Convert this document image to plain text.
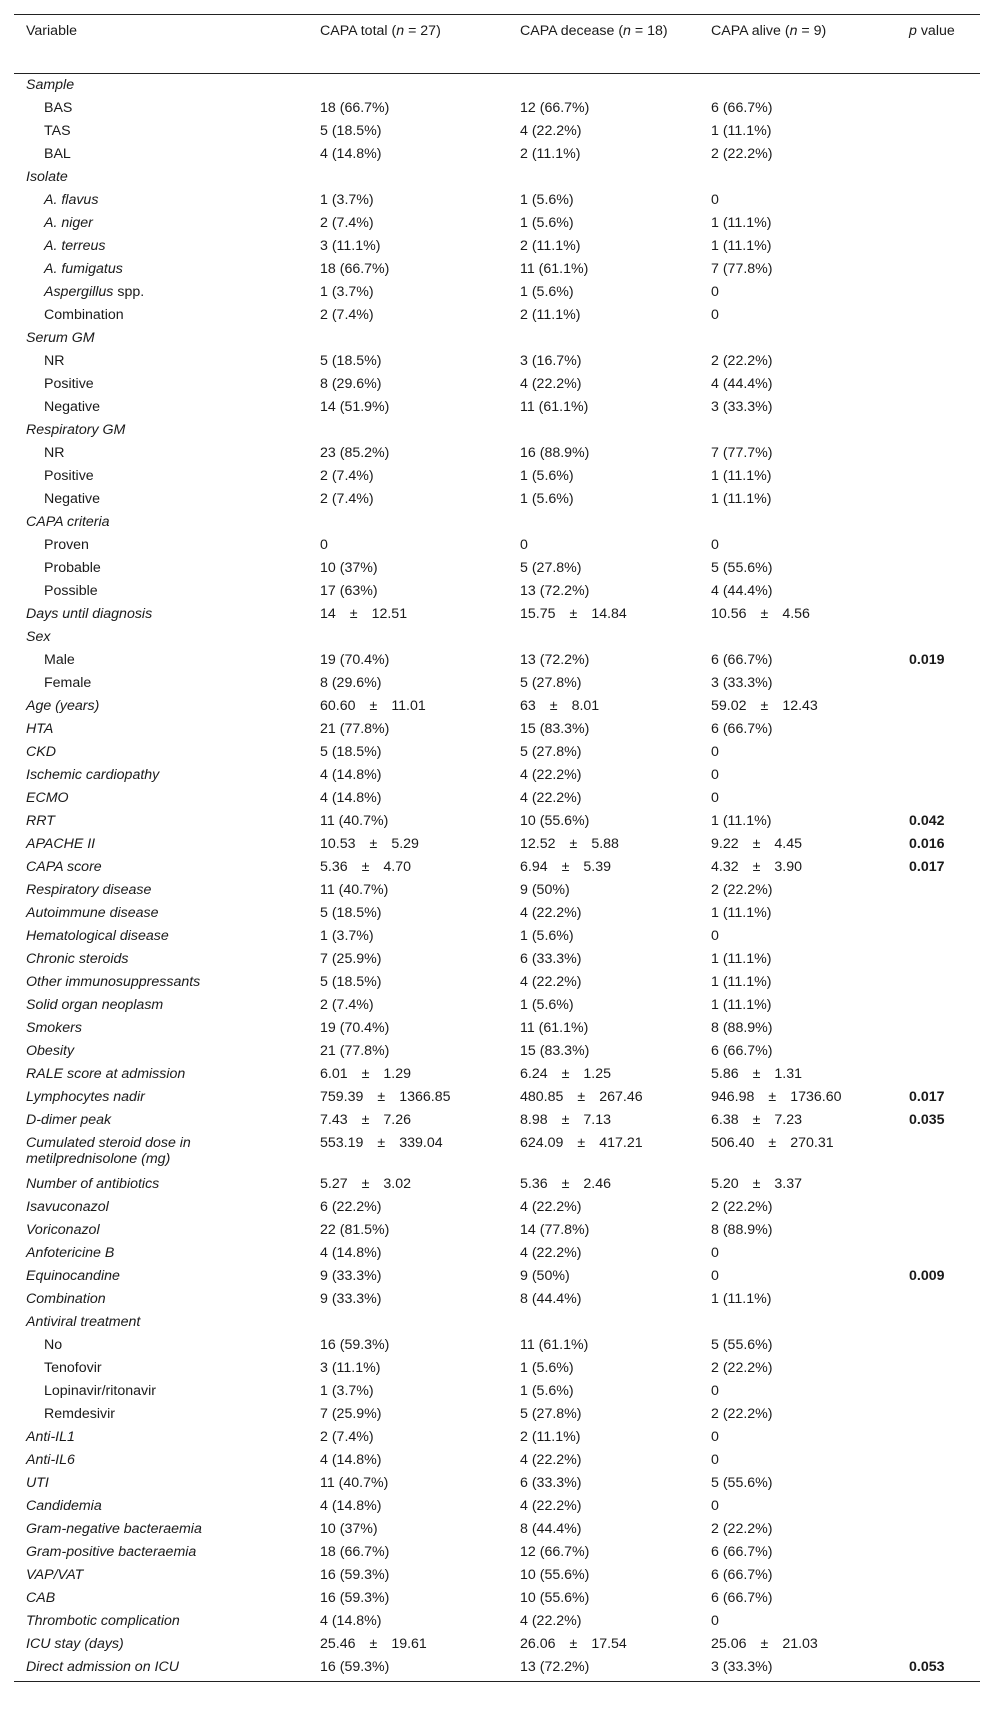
Variable	CAPA total (n = 27)	CAPA decease (n = 18)	CAPA alive (n = 9)	p value
Sample				
BAS	18 (66.7%)	12 (66.7%)	6 (66.7%)	
TAS	5 (18.5%)	4 (22.2%)	1 (11.1%)	
BAL	4 (14.8%)	2 (11.1%)	2 (22.2%)	
Isolate				
A. flavus	1 (3.7%)	1 (5.6%)	0	
A. niger	2 (7.4%)	1 (5.6%)	1 (11.1%)	
A. terreus	3 (11.1%)	2 (11.1%)	1 (11.1%)	
A. fumigatus	18 (66.7%)	11 (61.1%)	7 (77.8%)	
Aspergillus spp.	1 (3.7%)	1 (5.6%)	0	
Combination	2 (7.4%)	2 (11.1%)	0	
Serum GM				
NR	5 (18.5%)	3 (16.7%)	2 (22.2%)	
Positive	8 (29.6%)	4 (22.2%)	4 (44.4%)	
Negative	14 (51.9%)	11 (61.1%)	3 (33.3%)	
Respiratory GM				
NR	23 (85.2%)	16 (88.9%)	7 (77.7%)	
Positive	2 (7.4%)	1 (5.6%)	1 (11.1%)	
Negative	2 (7.4%)	1 (5.6%)	1 (11.1%)	
CAPA criteria				
Proven	0	0	0	
Probable	10 (37%)	5 (27.8%)	5 (55.6%)	
Possible	17 (63%)	13 (72.2%)	4 (44.4%)	
Days until diagnosis	14 ± 12.51	15.75 ± 14.84	10.56 ± 4.56	
Sex				
Male	19 (70.4%)	13 (72.2%)	6 (66.7%)	0.019
Female	8 (29.6%)	5 (27.8%)	3 (33.3%)	
Age (years)	60.60 ± 11.01	63 ± 8.01	59.02 ± 12.43	
HTA	21 (77.8%)	15 (83.3%)	6 (66.7%)	
CKD	5 (18.5%)	5 (27.8%)	0	
Ischemic cardiopathy	4 (14.8%)	4 (22.2%)	0	
ECMO	4 (14.8%)	4 (22.2%)	0	
RRT	11 (40.7%)	10 (55.6%)	1 (11.1%)	0.042
APACHE II	10.53 ± 5.29	12.52 ± 5.88	9.22 ± 4.45	0.016
CAPA score	5.36 ± 4.70	6.94 ± 5.39	4.32 ± 3.90	0.017
Respiratory disease	11 (40.7%)	9 (50%)	2 (22.2%)	
Autoimmune disease	5 (18.5%)	4 (22.2%)	1 (11.1%)	
Hematological disease	1 (3.7%)	1 (5.6%)	0	
Chronic steroids	7 (25.9%)	6 (33.3%)	1 (11.1%)	
Other immunosuppressants	5 (18.5%)	4 (22.2%)	1 (11.1%)	
Solid organ neoplasm	2 (7.4%)	1 (5.6%)	1 (11.1%)	
Smokers	19 (70.4%)	11 (61.1%)	8 (88.9%)	
Obesity	21 (77.8%)	15 (83.3%)	6 (66.7%)	
RALE score at admission	6.01 ± 1.29	6.24 ± 1.25	5.86 ± 1.31	
Lymphocytes nadir	759.39 ± 1366.85	480.85 ± 267.46	946.98 ± 1736.60	0.017
D-dimer peak	7.43 ± 7.26	8.98 ± 7.13	6.38 ± 7.23	0.035
Cumulated steroid dose in metilprednisolone (mg)	553.19 ± 339.04	624.09 ± 417.21	506.40 ± 270.31	
Number of antibiotics	5.27 ± 3.02	5.36 ± 2.46	5.20 ± 3.37	
Isavuconazol	6 (22.2%)	4 (22.2%)	2 (22.2%)	
Voriconazol	22 (81.5%)	14 (77.8%)	8 (88.9%)	
Anfotericine B	4 (14.8%)	4 (22.2%)	0	
Equinocandine	9 (33.3%)	9 (50%)	0	0.009
Combination	9 (33.3%)	8 (44.4%)	1 (11.1%)	
Antiviral treatment				
No	16 (59.3%)	11 (61.1%)	5 (55.6%)	
Tenofovir	3 (11.1%)	1 (5.6%)	2 (22.2%)	
Lopinavir/ritonavir	1 (3.7%)	1 (5.6%)	0	
Remdesivir	7 (25.9%)	5 (27.8%)	2 (22.2%)	
Anti-IL1	2 (7.4%)	2 (11.1%)	0	
Anti-IL6	4 (14.8%)	4 (22.2%)	0	
UTI	11 (40.7%)	6 (33.3%)	5 (55.6%)	
Candidemia	4 (14.8%)	4 (22.2%)	0	
Gram-negative bacteraemia	10 (37%)	8 (44.4%)	2 (22.2%)	
Gram-positive bacteraemia	18 (66.7%)	12 (66.7%)	6 (66.7%)	
VAP/VAT	16 (59.3%)	10 (55.6%)	6 (66.7%)	
CAB	16 (59.3%)	10 (55.6%)	6 (66.7%)	
Thrombotic complication	4 (14.8%)	4 (22.2%)	0	
ICU stay (days)	25.46 ± 19.61	26.06 ± 17.54	25.06 ± 21.03	
Direct admission on ICU	16 (59.3%)	13 (72.2%)	3 (33.3%)	0.053
